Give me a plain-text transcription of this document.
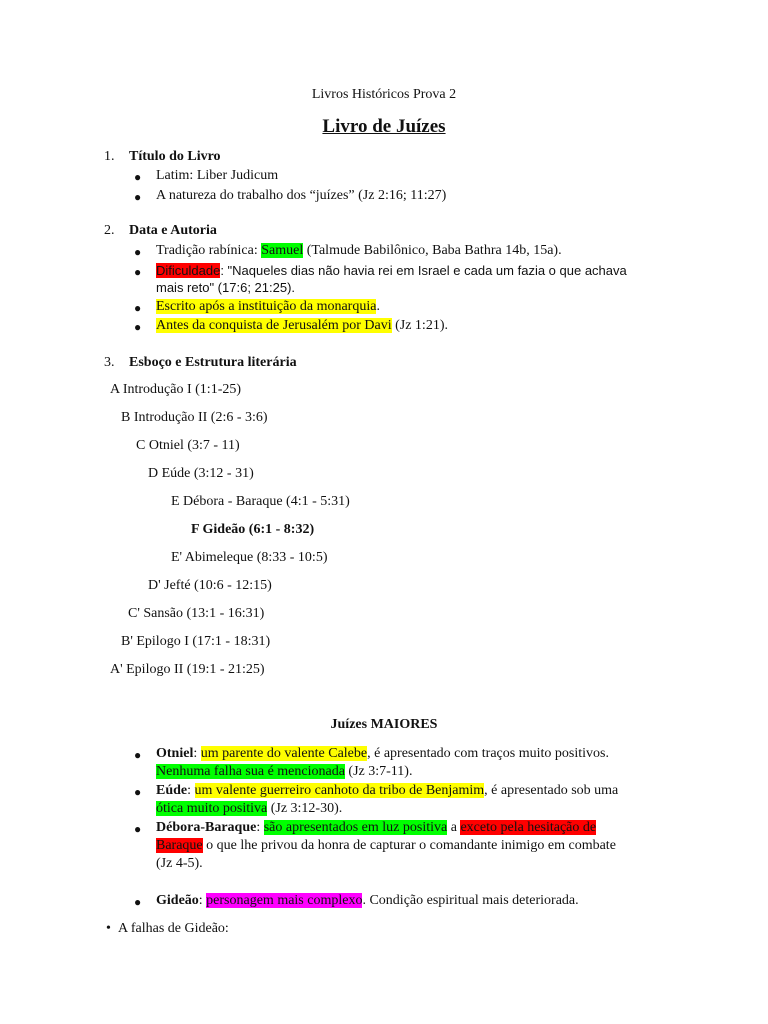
Livros Históricos Prova 2
Livro de Juízes
1. Título do Livro
● Latim: Liber Judicum
● A natureza do trabalho dos “juízes” (Jz 2:16; 11:27)
2. Data e Autoria
● Tradição rabínica: Samuel (Talmude Babilônico, Baba Bathra 14b, 15a).
● Dificuldade: "Naqueles dias não havia rei em Israel e cada um fazia o que achava
mais reto" (17:6; 21:25).
● Escrito após a instituição da monarquia.
● Antes da conquista de Jerusalém por Davi (Jz 1:21).
3. Esboço e Estrutura literária
A Introdução I (1:1-25)
B Introdução II (2:6 - 3:6)
C Otniel (3:7 - 11)
D Eúde (3:12 - 31)
E Débora - Baraque (4:1 - 5:31)
F Gideão (6:1 - 8:32)
E' Abimeleque (8:33 - 10:5)
D' Jefté (10:6 - 12:15)
C' Sansão (13:1 - 16:31)
B' Epilogo I (17:1 - 18:31)
A' Epilogo II (19:1 - 21:25)
Juízes MAIORES
● Otniel: um parente do valente Calebe, é apresentado com traços muito positivos.
Nenhuma falha sua é mencionada (Jz 3:7-11).
● Eúde: um valente guerreiro canhoto da tribo de Benjamim, é apresentado sob uma
ótica muito positiva (Jz 3:12-30).
● Débora-Baraque: são apresentados em luz positiva a exceto pela hesitação de
Baraque o que lhe privou da honra de capturar o comandante inimigo em combate
(Jz 4-5).
● Gideão: personagem mais complexo. Condição espiritual mais deteriorada.
• A falhas de Gideão:
